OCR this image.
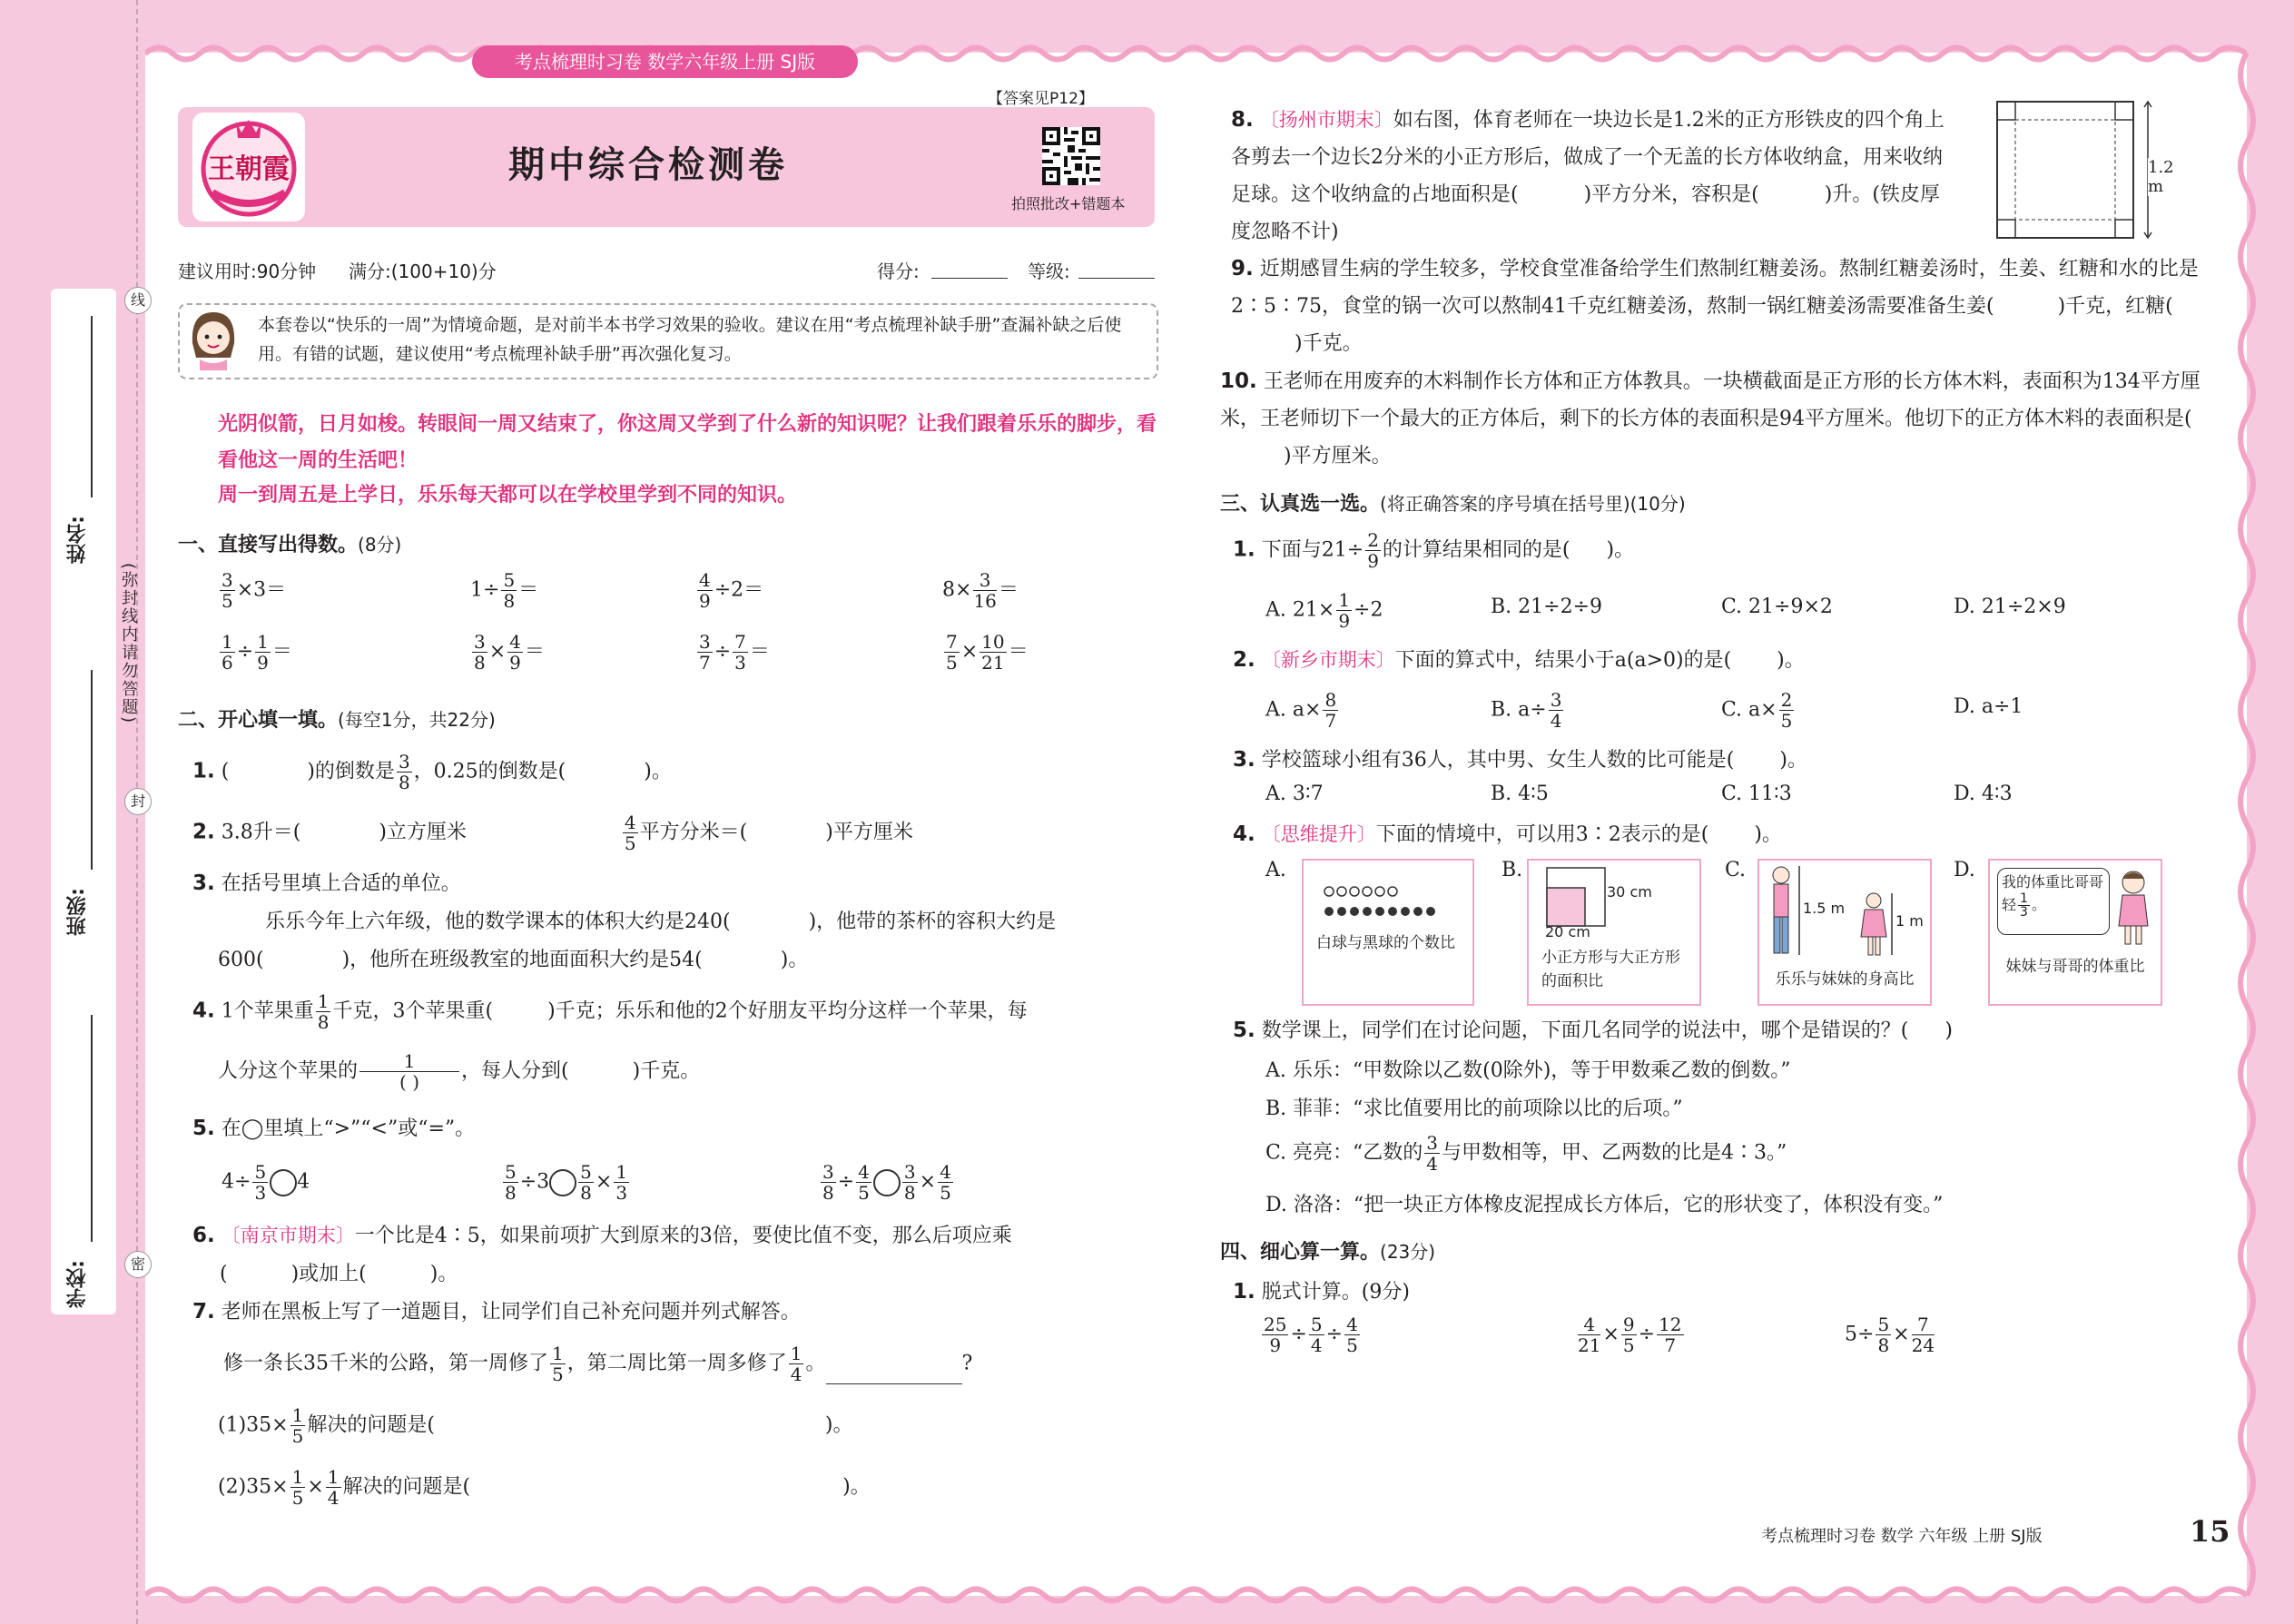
姓名:
班级:
学校:
线
封
密
(弥封线内请勿答题)
考点梳理时习卷 数学六年级上册 SJ版
王朝霞	期中综合检测卷
【答案见P12】
拍照批改+错题本
建议用时:90分钟 满分:(100+10)分	得分:	等级:
本套卷以“快乐的一周”为情境命题，是对前半本书学习效果的验收。建议在用“考点梳理补缺手册”查漏补缺之后使用。有错的试题，建议使用“考点梳理补缺手册”再次强化复习。
光阴似箭，日月如梭。转眼间一周又结束了，你这周又学到了什么新的知识呢？让我们跟着乐乐的脚步，看看他这一周的生活吧！
周一到周五是上学日，乐乐每天都可以在学校里学到不同的知识。
一、直接写出得数。(8分)
$\frac{3}{5} \times 3=$	$1\div \frac{5}{8}$ ＝	$\frac{4}{9} \div 2=$	$8\times \frac{3}{16}$ ＝
$\frac{1}{6} \div \frac{1}{9}$ ＝	$\frac{3}{8} \times \frac{4}{9}$ ＝	$\frac{3}{7} \div \frac{7}{3}$ ＝	$\frac{7}{5} \times \frac{10}{21}$ ＝
二、开心填一填。(每空1分，共22分)
1. (	)的倒数是 $\frac{3}{8}$ ，0.25的倒数是(	)。
2. 3.8升＝(	)立方厘米	$\frac{4}{5}$ 平方分米＝(	)平方厘米
3. 在括号里填上合适的单位。
乐乐今年上六年级，他的数学课本的体积大约是240(	)，他带的茶杯的容积大约是
600(	)，他所在班级教室的地面面积大约是54(	)。
4. 1个苹果重 $\frac{1}{8}$ 千克，3个苹果重(	)千克；乐乐和他的2个好朋友平均分这样一个苹果，每
人分这个苹果的 $\frac{1}{( )}$ ，每人分到(	)千克。
5. 在◯里填上“>”“<”或“=”。
$4\div \frac{5}{3} 4$	$\frac{5}{8} \div 3 \frac{5}{8} \times \frac{1}{3}$	$\frac{3}{8} \div \frac{4}{5} \frac{3}{8} \times \frac{4}{5}$
6. 〔南京市期末〕一个比是4∶5，如果前项扩大到原来的3倍，要使比值不变，那么后项应乘
(	)或加上(	)。
7. 老师在黑板上写了一道题目，让同学们自己补充问题并列式解答。
修一条长35千米的公路，第一周修了 $\frac{1}{5}$ ，第二周比第一周多修了 $\frac{1}{4}$ 。	?
$(1)35\times \frac{1}{5}$ 解决的问题是(	)。
$(2)35\times \frac{1}{5} \times \frac{1}{4}$ 解决的问题是(	)。
8. 〔扬州市期末〕如右图，体育老师在一块边长是1.2米的正方形铁皮的四个角上各剪去一个边长2分米的小正方形后，做成了一个无盖的长方体收纳盒，用来收纳足球。这个收纳盒的占地面积是(	)平方分米，容积是(	)升。(铁皮厚度忽略不计)
1.2 m
9. 近期感冒生病的学生较多，学校食堂准备给学生们熬制红糖姜汤。熬制红糖姜汤时，生姜、红糖和水的比是2∶5∶75，食堂的锅一次可以熬制41千克红糖姜汤，熬制一锅红糖姜汤需要准备生姜(	)千克，红糖()千克。
10. 王老师在用废弃的木料制作长方体和正方体教具。一块横截面是正方形的长方体木料，表面积为134平方厘米，王老师切下一个最大的正方体后，剩下的长方体的表面积是94平方厘米。他切下的正方体木料的表面积是()平方厘米。
三、认真选一选。(将正确答案的序号填在括号里)(10分)
1. 下面与$21\div \frac{2}{9}$ 的计算结果相同的是( )。
A. $21\times \frac{1}{9} \div 2$	B. 21÷2÷9	C. 21÷9×2	D. 21÷2×9
2. 〔新乡市期末〕下面的算式中，结果小于a(a>0)的是( )。
A. $a\times \frac{8}{7}$	B. $a\div \frac{3}{4}$	C. $a\times \frac{2}{5}$	D. a÷1
3. 学校篮球小组有36人，其中男、女生人数的比可能是( )。
A. 3∶7	B. 4∶5	C. 11∶3	D. 4∶3
4. 〔思维提升〕下面的情境中，可以用3∶2表示的是( )。
A.	B.	C.	D.
白球与黑球的个数比
30 cm
20 cm
小正方形与大正方形的面积比
1.5 m
1 m
乐乐与妹妹的身高比
我的体重比哥哥轻 $\frac{1}{3}$ 。
妹妹与哥哥的体重比
5. 数学课上，同学们在讨论问题，下面几名同学的说法中，哪个是错误的？( )
A. 乐乐：“甲数除以乙数(0除外)，等于甲数乘乙数的倒数。”
B. 菲菲：“求比值要用比的前项除以比的后项。”
C. 亮亮：“乙数的 $\frac{3}{4}$ 与甲数相等，甲、乙两数的比是4∶3。”
D. 洛洛：“把一块正方体橡皮泥捏成长方体后，它的形状变了，体积没有变。”
四、细心算一算。(23分)
1. 脱式计算。(9分)
$\frac{25}{9} \div \frac{5}{4} \div \frac{4}{5}$	$\frac{4}{21} \times \frac{9}{5} \div \frac{12}{7}$	$5\div \frac{5}{8} \times \frac{7}{24}$
考点梳理时习卷 数学 六年级 上册 SJ版	15
